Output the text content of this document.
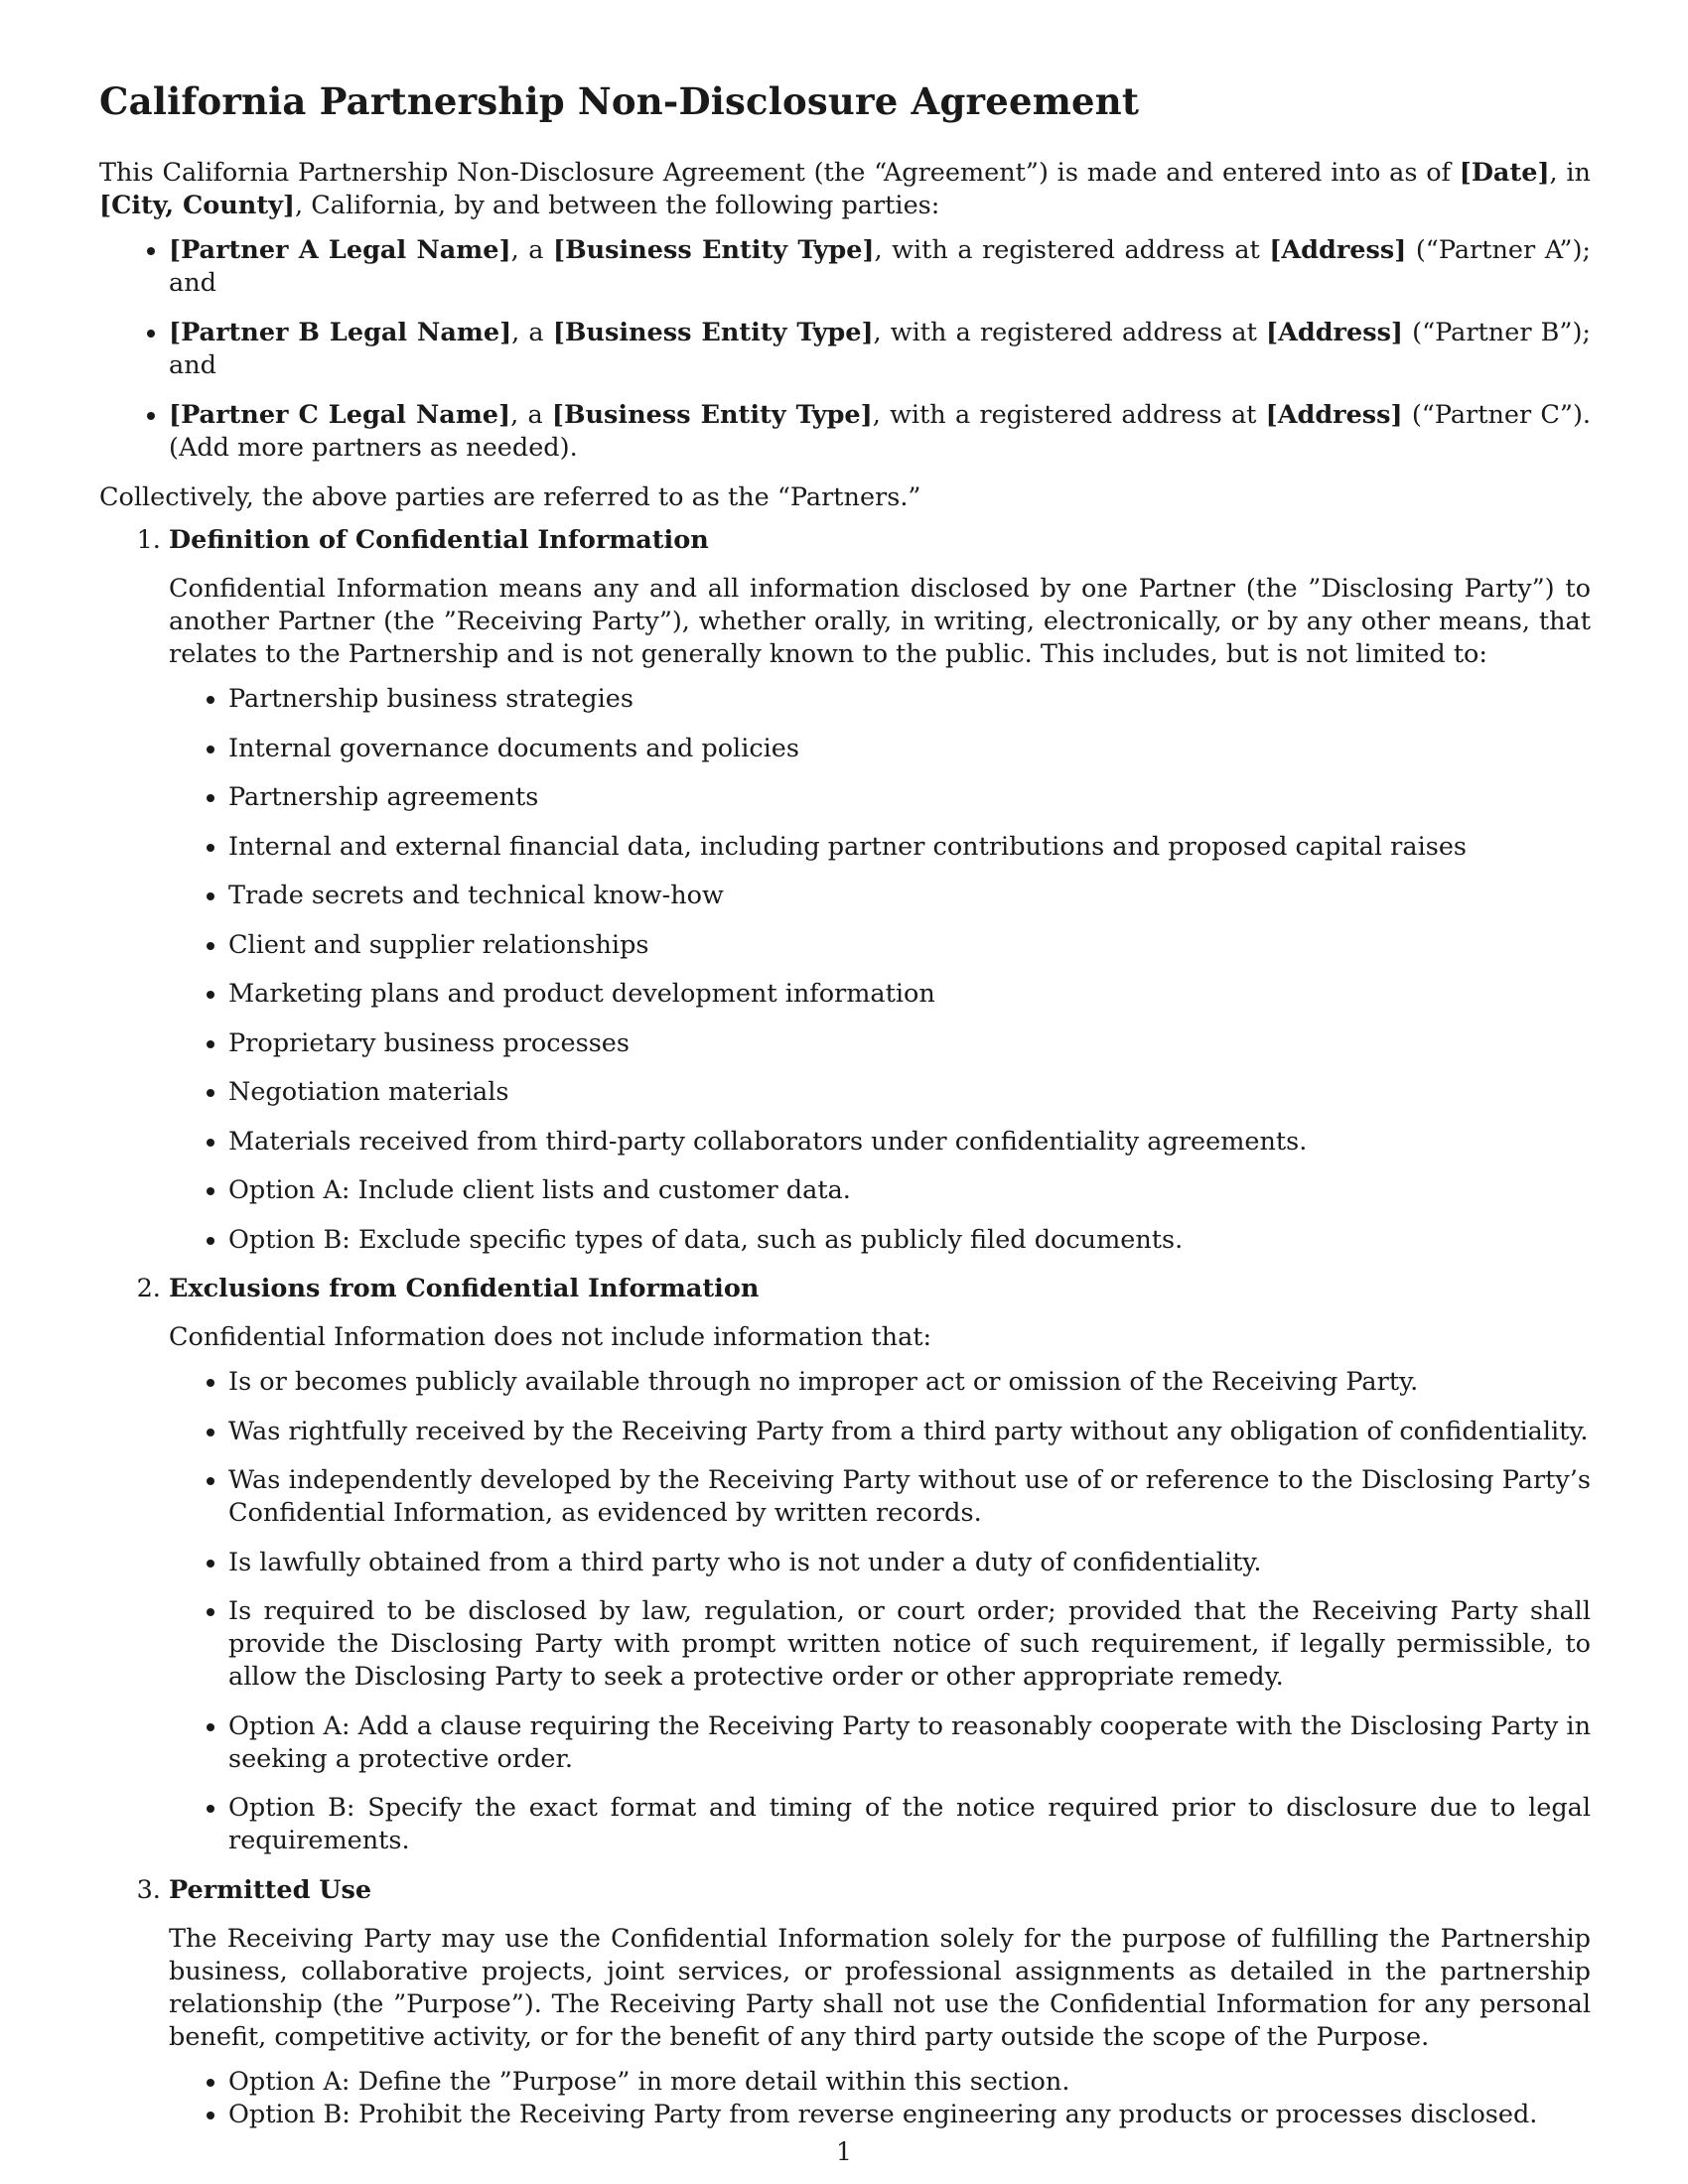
California Partnership Non-Disclosure Agreement

This California Partnership Non-Disclosure Agreement (the “Agreement”) is made and entered into as of [Date], in [City, County], California, by and between the following parties:

• [Partner A Legal Name], a [Business Entity Type], with a registered address at [Address] (“Partner A”); and
• [Partner B Legal Name], a [Business Entity Type], with a registered address at [Address] (“Partner B”); and
• [Partner C Legal Name], a [Business Entity Type], with a registered address at [Address] (“Partner C”). (Add more partners as needed).

Collectively, the above parties are referred to as the “Partners.”

1. Definition of Confidential Information
Confidential Information means any and all information disclosed by one Partner (the ”Disclosing Party”) to another Partner (the ”Receiving Party”), whether orally, in writing, electronically, or by any other means, that relates to the Partnership and is not generally known to the public. This includes, but is not limited to:
• Partnership business strategies
• Internal governance documents and policies
• Partnership agreements
• Internal and external financial data, including partner contributions and proposed capital raises
• Trade secrets and technical know-how
• Client and supplier relationships
• Marketing plans and product development information
• Proprietary business processes
• Negotiation materials
• Materials received from third-party collaborators under confidentiality agreements.
• Option A: Include client lists and customer data.
• Option B: Exclude specific types of data, such as publicly filed documents.
2. Exclusions from Confidential Information
Confidential Information does not include information that:
• Is or becomes publicly available through no improper act or omission of the Receiving Party.
• Was rightfully received by the Receiving Party from a third party without any obligation of confidentiality.
• Was independently developed by the Receiving Party without use of or reference to the Disclosing Party’s Confidential Information, as evidenced by written records.
• Is lawfully obtained from a third party who is not under a duty of confidentiality.
• Is required to be disclosed by law, regulation, or court order; provided that the Receiving Party shall provide the Disclosing Party with prompt written notice of such requirement, if legally permissible, to allow the Disclosing Party to seek a protective order or other appropriate remedy.
• Option A: Add a clause requiring the Receiving Party to reasonably cooperate with the Disclosing Party in seeking a protective order.
• Option B: Specify the exact format and timing of the notice required prior to disclosure due to legal requirements.
3. Permitted Use
The Receiving Party may use the Confidential Information solely for the purpose of fulfilling the Partnership business, collaborative projects, joint services, or professional assignments as detailed in the partnership relationship (the ”Purpose”). The Receiving Party shall not use the Confidential Information for any personal benefit, competitive activity, or for the benefit of any third party outside the scope of the Purpose.
• Option A: Define the ”Purpose” in more detail within this section.
• Option B: Prohibit the Receiving Party from reverse engineering any products or processes disclosed.
1
